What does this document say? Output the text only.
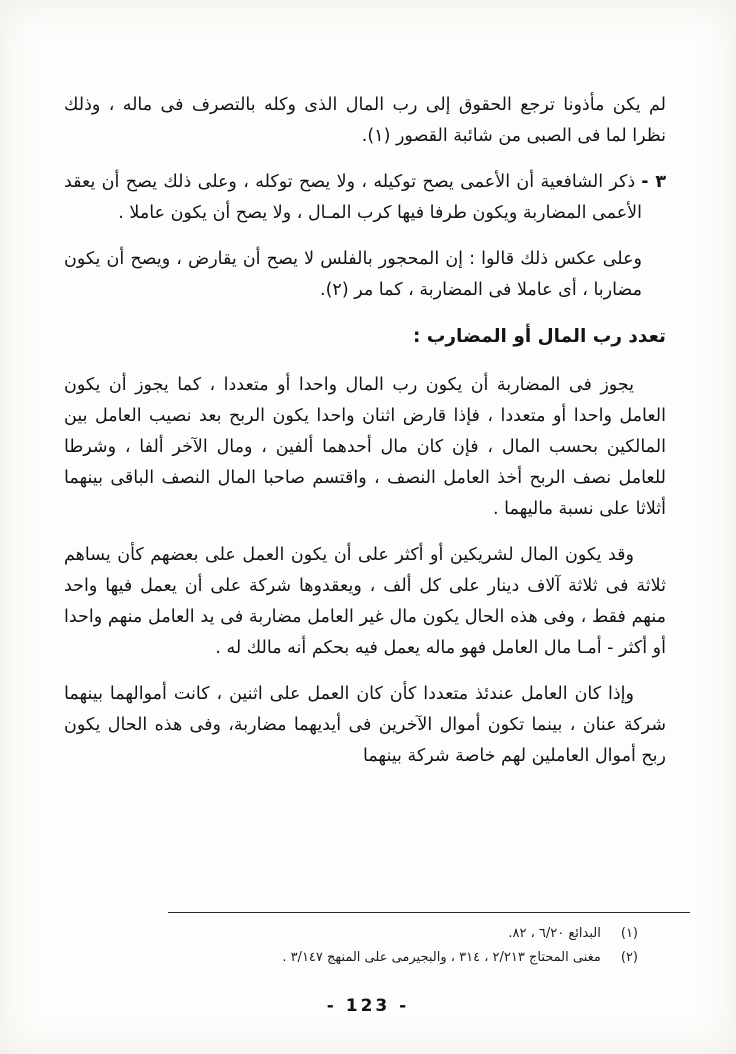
لم يكن مأذونا ترجع الحقوق إلى رب المال الذى وكله بالتصرف فى ماله ، وذلك نظرا لما فى الصبى من شائبة القصور (١).

٣ -ذكر الشافعية أن الأعمى يصح توكيله ، ولا يصح توكله ، وعلى ذلك يصح أن يعقد الأعمى المضاربة ويكون طرفا فيها كرب المـال ، ولا يصح أن يكون عاملا .

وعلى عكس ذلك قالوا : إن المحجور بالفلس لا يصح أن يقارض ، ويصح أن يكون مضاربا ، أى عاملا فى المضاربة ، كما مر (٢).

تعدد رب المال أو المضارب :

يجوز فى المضاربة أن يكون رب المال واحدا أو متعددا ، كما يجوز أن يكون العامل واحدا أو متعددا ، فإذا قارض اثنان واحدا يكون الربح بعد نصيب العامل بين المالكين بحسب المال ، فإن كان مال أحدهما ألفين ، ومال الآخر ألفا ، وشرطا للعامل نصف الربح أخذ العامل النصف ، واقتسم صاحبا المال النصف الباقى بينهما أثلاثا على نسبة ماليهما .

وقد يكون المال لشريكين أو أكثر على أن يكون العمل على بعضهم كأن يساهم ثلاثة فى ثلاثة آلاف دينار على كل ألف ، ويعقدوها شركة على أن يعمل فيها واحد منهم فقط ، وفى هذه الحال يكون مال غير العامل مضاربة فى يد العامل منهم واحدا أو أكثر - أمـا مال العامل فهو ماله يعمل فيه بحكم أنه مالك له .

وإذا كان العامل عندئذ متعددا كأن كان العمل على اثنين ، كانت أموالهما بينهما شركة عنان ، بينما تكون أموال الآخرين فى أيديهما مضاربة، وفى هذه الحال يكون ربح أموال العاملين لهم خاصة شركة بينهما

(١)
البدائع ٦/٢٠ ، ٨٢.
(٢)
مغنى المحتاج ٢/٢١٣ ، ٣١٤ ، والبجيرمى على المنهج ٣/١٤٧ .
- 123 -
